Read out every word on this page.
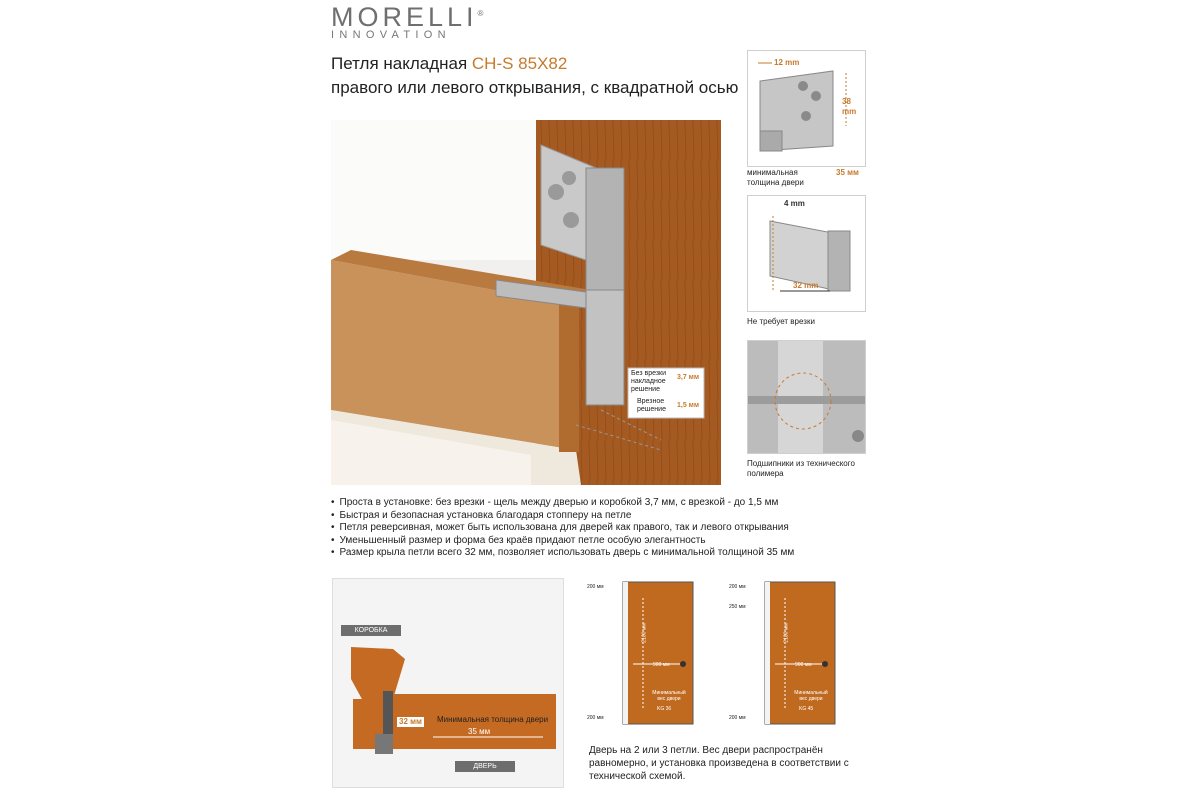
MORELLI®
INNOVATION
Петля накладная CH-S 85X82
правого или левого открывания, с квадратной осью
Без врезки накладное решение
3,7 мм
Врезное решение
1,5 мм
12 mm
38 mm
минимальная толщина двери
35 мм
4 mm
32 mm
Не требует врезки
Подшипники из технического полимера
• Проста в установке: без врезки - щель между дверью и коробкой 3,7 мм, с врезкой - до 1,5 мм
• Быстрая и безопасная установка благодаря стопперу на петле
• Петля реверсивная, может быть использована для дверей как правого, так и левого открывания
• Уменьшенный размер и форма без краёв придают петле особую элегантность
• Размер крыла петли всего 32 мм, позволяет использовать дверь с минимальной толщиной 35 мм
КОРОБКА
32 мм Минимальная толщина двери
35 мм
ДВЕРЬ
200 мм
2100 мм
900 мм
Минимальный вес двери
KG 36
200 мм
200 мм
250 мм
2100 мм
900 мм
Минимальный вес двери
KG 45
200 мм
Дверь на 2 или 3 петли. Вес двери распространён равномерно, и установка произведена в соответствии с технической схемой.
